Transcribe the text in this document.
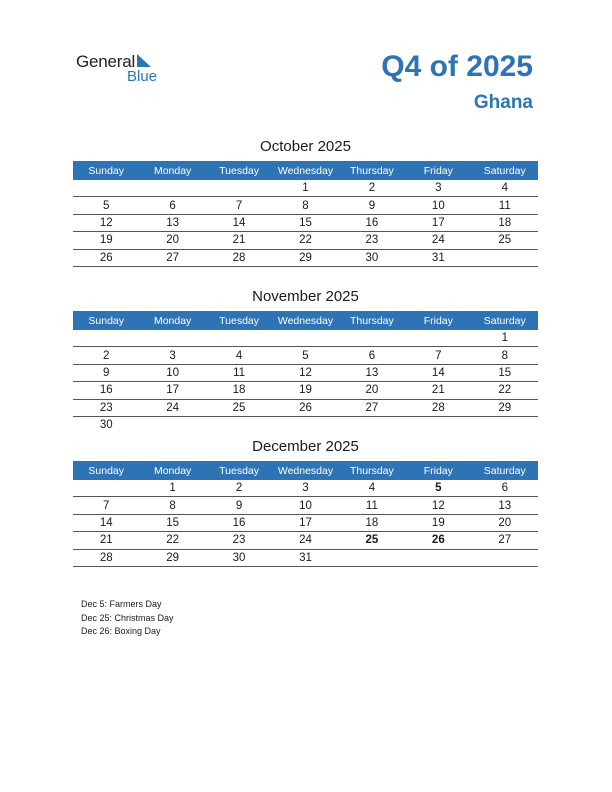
General
Blue	Q4 of 2025
Ghana
October 2025
Sunday	Monday	Tuesday	Wednesday	Thursday	Friday	Saturday
			1	2	3	4
5	6	7	8	9	10	11
12	13	14	15	16	17	18
19	20	21	22	23	24	25
26	27	28	29	30	31	
November 2025
Sunday	Monday	Tuesday	Wednesday	Thursday	Friday	Saturday
						1
2	3	4	5	6	7	8
9	10	11	12	13	14	15
16	17	18	19	20	21	22
23	24	25	26	27	28	29
30						
December 2025
Sunday	Monday	Tuesday	Wednesday	Thursday	Friday	Saturday
	1	2	3	4	5	6
7	8	9	10	11	12	13
14	15	16	17	18	19	20
21	22	23	24	25	26	27
28	29	30	31			
Dec 5: Farmers Day
Dec 25: Christmas Day
Dec 26: Boxing Day
